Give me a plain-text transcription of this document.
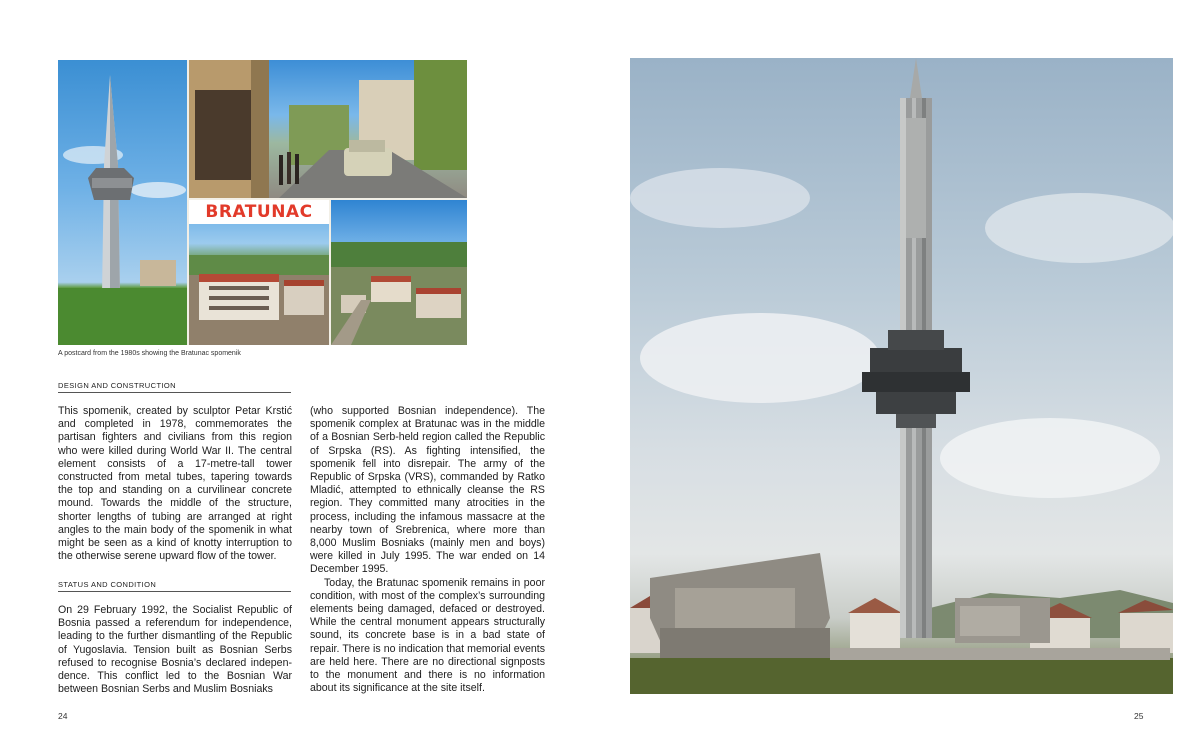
BRATUNAC
A postcard from the 1980s showing the Bratunac spomenik
DESIGN AND CONSTRUCTION

This spomenik, created by sculptor Petar Krstić and completed in 1978, commemorates the partisan fighters and civilians from this region who were killed during World War II. The central element consists of a 17-metre-tall tower constructed from metal tubes, tapering towards the top and standing on a curvilinear concrete mound. Towards the middle of the structure, shorter lengths of tubing are arranged at right angles to the main body of the spomenik in what might be seen as a kind of knotty interruption to the otherwise serene upward flow of the tower.

STATUS AND CONDITION

On 29 February 1992, the Socialist Republic of Bosnia passed a referendum for independence, leading to the further dismantling of the Republic of Yugoslavia. Tension built as Bosnian Serbs refused to recognise Bosnia’s declared independence. This conflict led to the Bosnian War between Bosnian Serbs and Muslim Bosniaks

(who supported Bosnian independence). The spomenik complex at Bratunac was in the middle of a Bosnian Serb-held region called the Republic of Srpska (RS). As fighting intensified, the spomenik fell into disrepair. The army of the Republic of Srpska (VRS), commanded by Ratko Mladić, attempted to ethnically cleanse the RS region. They committed many atrocities in the process, including the infamous massacre at the nearby town of Srebrenica, where more than 8,000 Muslim Bosniaks (mainly men and boys) were killed in July 1995. The war ended on 14 December 1995.

Today, the Bratunac spomenik remains in poor condition, with most of the complex’s surrounding elements being damaged, defaced or destroyed. While the central monument appears structurally sound, its concrete base is in a bad state of repair. There is no indication that memorial events are held here. There are no directional signposts to the monument and there is no information about its significance at the site itself.

24	25
